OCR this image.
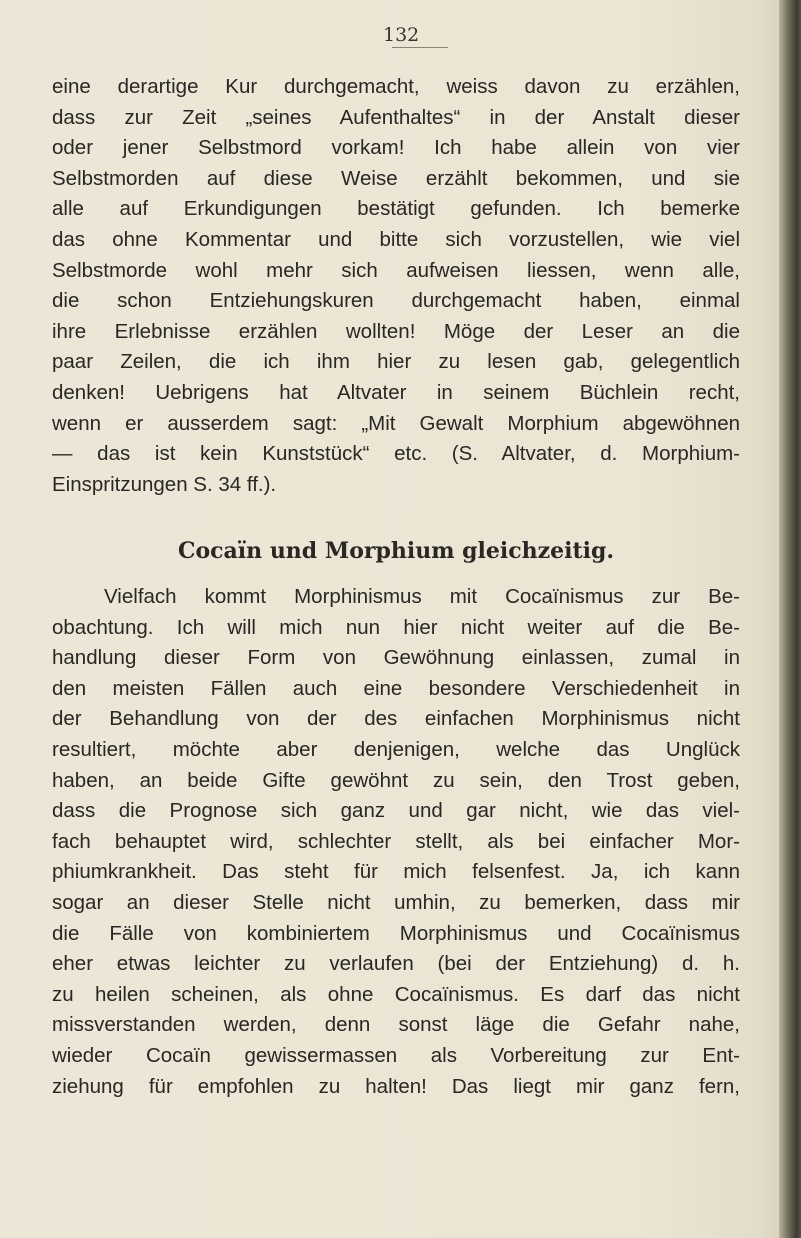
132
eine derartige Kur durchgemacht, weiss davon zu erzählen,
dass zur Zeit „seines Aufenthaltes“ in der Anstalt dieser
oder jener Selbstmord vorkam! Ich habe allein von vier
Selbstmorden auf diese Weise erzählt bekommen, und sie
alle auf Erkundigungen bestätigt gefunden. Ich bemerke
das ohne Kommentar und bitte sich vorzustellen, wie viel
Selbstmorde wohl mehr sich aufweisen liessen, wenn alle,
die schon Entziehungskuren durchgemacht haben, einmal
ihre Erlebnisse erzählen wollten! Möge der Leser an die
paar Zeilen, die ich ihm hier zu lesen gab, gelegentlich
denken! Uebrigens hat Altvater in seinem Büchlein recht,
wenn er ausserdem sagt: „Mit Gewalt Morphium abgewöhnen
— das ist kein Kunststück“ etc. (S. Altvater, d. Morphium-
Einspritzungen S. 34 ff.).
Cocaïn und Morphium gleichzeitig.
Vielfach kommt Morphinismus mit Cocaïnismus zur Be-
obachtung. Ich will mich nun hier nicht weiter auf die Be-
handlung dieser Form von Gewöhnung einlassen, zumal in
den meisten Fällen auch eine besondere Verschiedenheit in
der Behandlung von der des einfachen Morphinismus nicht
resultiert, möchte aber denjenigen, welche das Unglück
haben, an beide Gifte gewöhnt zu sein, den Trost geben,
dass die Prognose sich ganz und gar nicht, wie das viel-
fach behauptet wird, schlechter stellt, als bei einfacher Mor-
phiumkrankheit. Das steht für mich felsenfest. Ja, ich kann
sogar an dieser Stelle nicht umhin, zu bemerken, dass mir
die Fälle von kombiniertem Morphinismus und Cocaïnismus
eher etwas leichter zu verlaufen (bei der Entziehung) d. h.
zu heilen scheinen, als ohne Cocaïnismus. Es darf das nicht
missverstanden werden, denn sonst läge die Gefahr nahe,
wieder Cocaïn gewissermassen als Vorbereitung zur Ent-
ziehung für empfohlen zu halten! Das liegt mir ganz fern,
